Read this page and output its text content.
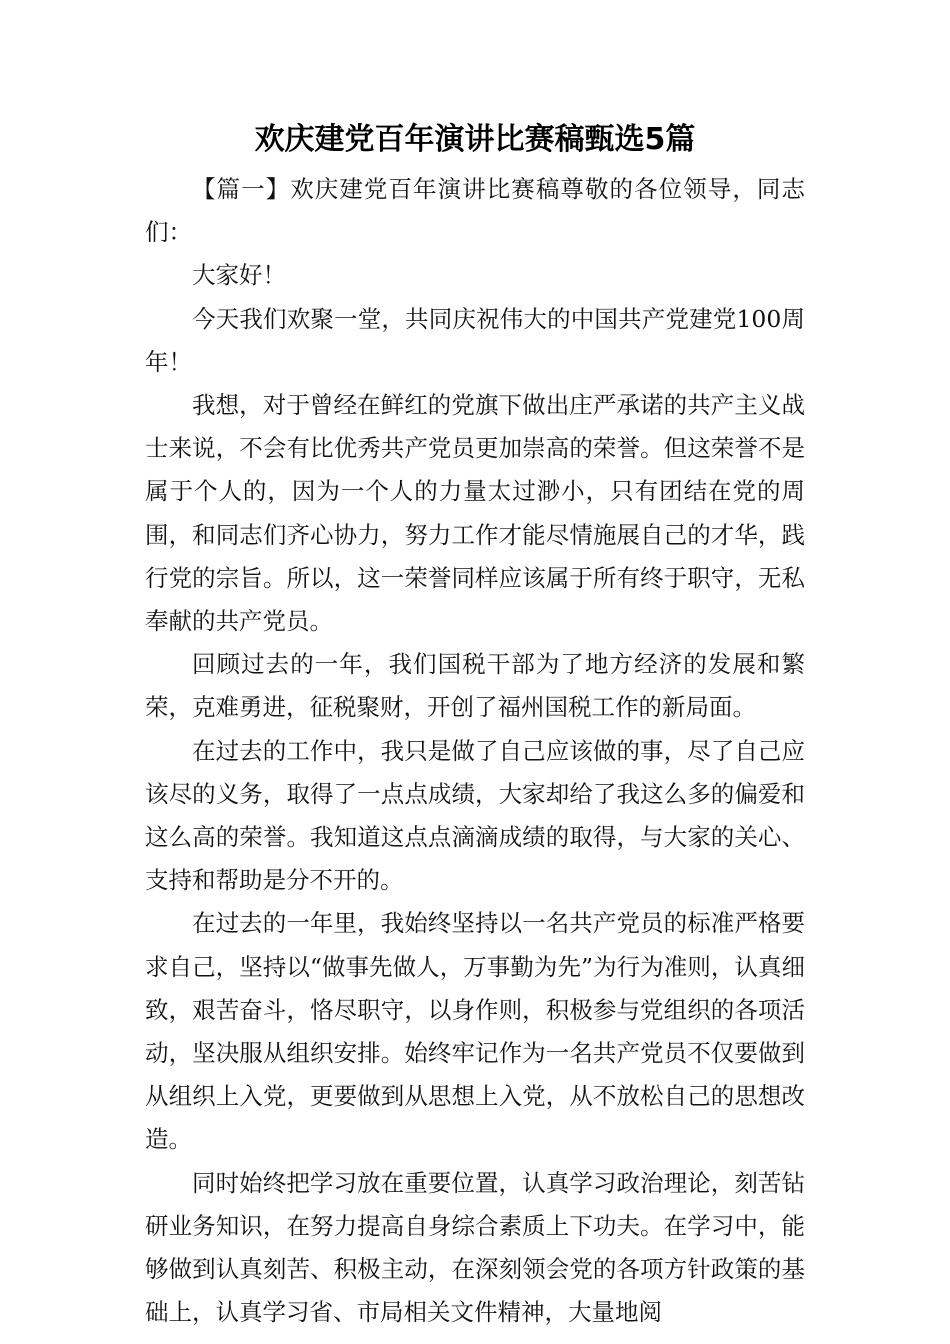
欢庆建党百年演讲比赛稿甄选5篇

【篇一】欢庆建党百年演讲比赛稿尊敬的各位领导，同志们：

大家好！

今天我们欢聚一堂，共同庆祝伟大的中国共产党建党100周年！

我想，对于曾经在鲜红的党旗下做出庄严承诺的共产主义战士来说，不会有比优秀共产党员更加崇高的荣誉。但这荣誉不是属于个人的，因为一个人的力量太过渺小，只有团结在党的周围，和同志们齐心协力，努力工作才能尽情施展自己的才华，践行党的宗旨。所以，这一荣誉同样应该属于所有终于职守，无私奉献的共产党员。

回顾过去的一年，我们国税干部为了地方经济的发展和繁荣，克难勇进，征税聚财，开创了福州国税工作的新局面。

在过去的工作中，我只是做了自己应该做的事，尽了自己应该尽的义务，取得了一点点成绩，大家却给了我这么多的偏爱和这么高的荣誉。我知道这点点滴滴成绩的取得，与大家的关心、支持和帮助是分不开的。

在过去的一年里，我始终坚持以一名共产党员的标准严格要求自己，坚持以“做事先做人，万事勤为先”为行为准则，认真细致，艰苦奋斗，恪尽职守，以身作则，积极参与党组织的各项活动，坚决服从组织安排。始终牢记作为一名共产党员不仅要做到从组织上入党，更要做到从思想上入党，从不放松自己的思想改造。

同时始终把学习放在重要位置，认真学习政治理论，刻苦钻研业务知识，在努力提高自身综合素质上下功夫。在学习中，能够做到认真刻苦、积极主动，在深刻领会党的各项方针政策的基础上，认真学习省、市局相关文件精神，大量地阅
